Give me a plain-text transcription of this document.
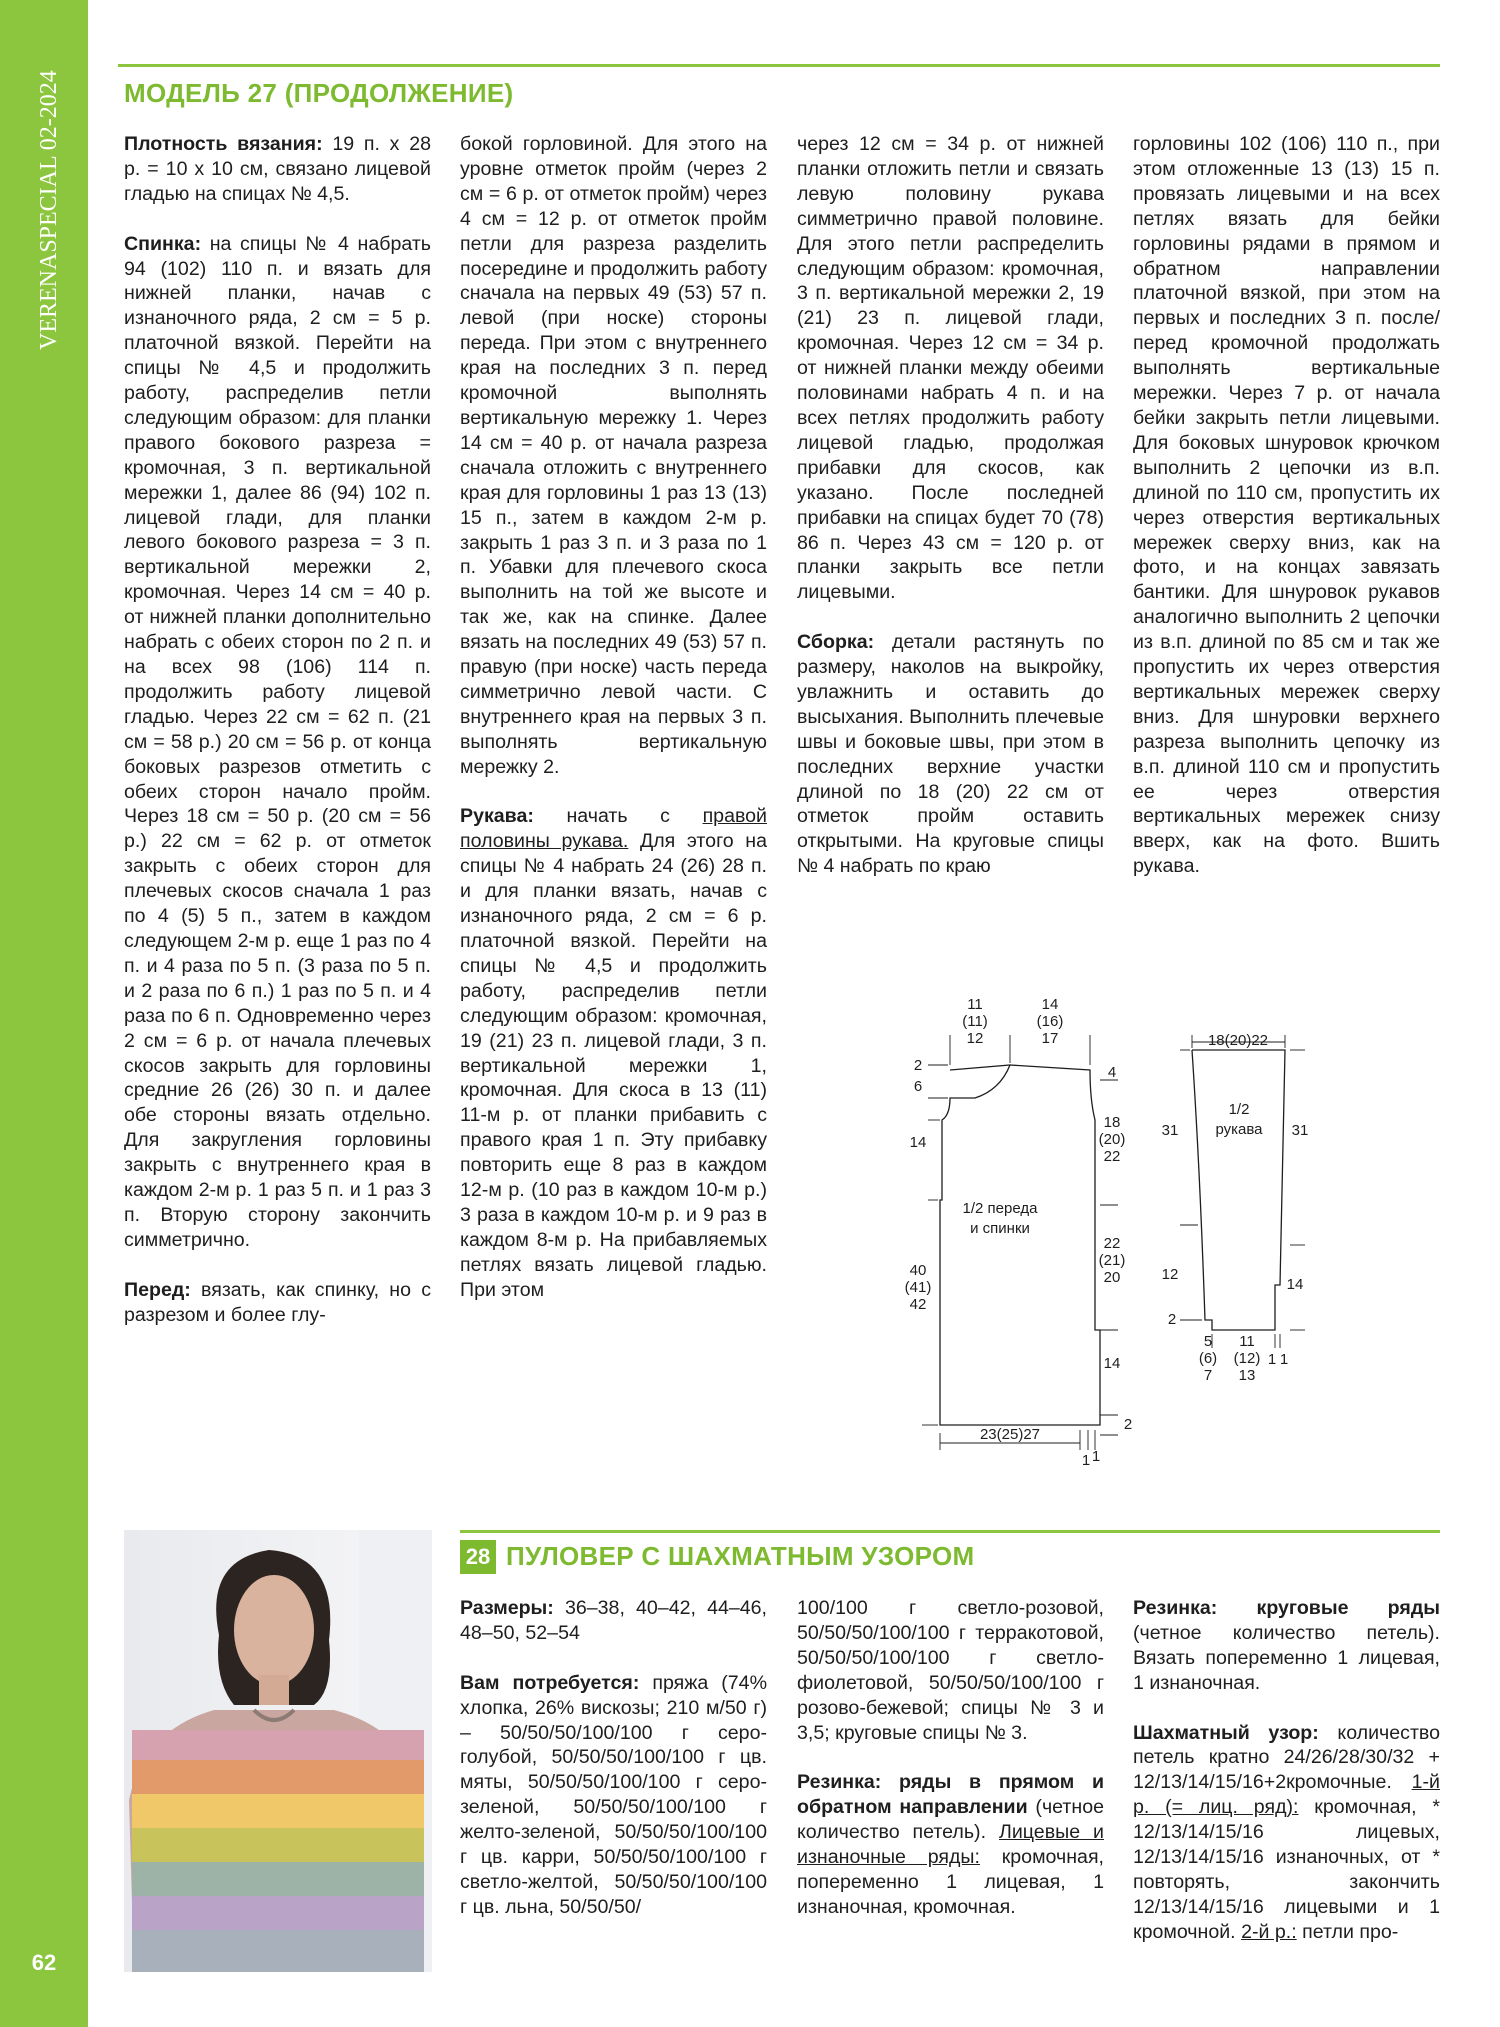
VERENASPECIAL 02-2024
62
МОДЕЛЬ 27 (ПРОДОЛЖЕНИЕ)

Плотность вязания: 19 п. х 28 р. = 10 х 10 см, связано лицевой гладью на спицах № 4,5.

Спинка: на спицы № 4 набрать 94 (102) 110 п. и вязать для нижней планки, начав с изнаночного ряда, 2 см = 5 р. платочной вязкой. Перейти на спицы № 4,5 и продолжить работу, распределив петли следующим образом: для планки правого бокового разреза = кромочная, 3 п. вертикальной мережки 1, далее 86 (94) 102 п. лицевой глади, для планки левого бокового разреза = 3 п. вертикальной мережки 2, кромочная. Через 14 см = 40 р. от нижней планки дополнительно набрать с обеих сторон по 2 п. и на всех 98 (106) 114 п. продолжить работу лицевой гладью. Через 22 см = 62 п. (21 см = 58 р.) 20 см = 56 р. от конца боковых разрезов отметить с обеих сторон начало пройм. Через 18 см = 50 р. (20 см = 56 р.) 22 см = 62 р. от отметок закрыть с обеих сторон для плечевых скосов сначала 1 раз по 4 (5) 5 п., затем в каждом следующем 2-м р. еще 1 раз по 4 п. и 4 раза по 5 п. (3 раза по 5 п. и 2 раза по 6 п.) 1 раз по 5 п. и 4 раза по 6 п. Одновременно через 2 см = 6 р. от начала плечевых скосов закрыть для горловины средние 26 (26) 30 п. и далее обе стороны вязать отдельно. Для закругления горловины закрыть с внутреннего края в каждом 2-м р. 1 раз 5 п. и 1 раз 3 п. Вторую сторону закончить симметрично.

Перед: вязать, как спинку, но с разрезом и более глу-

бокой горловиной. Для этого на уровне отметок пройм (через 2 см = 6 р. от отметок пройм) через 4 см = 12 р. от отметок пройм петли для разреза разделить посередине и продолжить работу сначала на первых 49 (53) 57 п. левой (при носке) стороны переда. При этом с внутреннего края на последних 3 п. перед кромочной выполнять вертикальную мережку 1. Через 14 см = 40 р. от начала разреза сначала отложить с внутреннего края для горловины 1 раз 13 (13) 15 п., затем в каждом 2-м р. закрыть 1 раз 3 п. и 3 раза по 1 п. Убавки для плечевого скоса выполнить на той же высоте и так же, как на спинке. Далее вязать на последних 49 (53) 57 п. правую (при носке) часть переда симметрично левой части. С внутреннего края на первых 3 п. выполнять вертикальную мережку 2.

Рукава: начать с правой половины рукава. Для этого на спицы № 4 набрать 24 (26) 28 п. и для планки вязать, начав с изнаночного ряда, 2 см = 6 р. платочной вязкой. Перейти на спицы № 4,5 и продолжить работу, распределив петли следующим образом: кромочная, 19 (21) 23 п. лицевой глади, 3 п. вертикальной мережки 1, кромочная. Для скоса в 13 (11) 11-м р. от планки прибавить с правого края 1 п. Эту прибавку повторить еще 8 раз в каждом 12-м р. (10 раз в каждом 10-м р.) 3 раза в каждом 10-м р. и 9 раз в каждом 8-м р. На прибавляемых петлях вязать лицевой гладью. При этом

через 12 см = 34 р. от нижней планки отложить петли и связать левую половину рукава симметрично правой половине. Для этого петли распределить следующим образом: кромочная, 3 п. вертикальной мережки 2, 19 (21) 23 п. лицевой глади, кромочная. Через 12 см = 34 р. от нижней планки между обеими половинами набрать 4 п. и на всех петлях продолжить работу лицевой гладью, продолжая прибавки для скосов, как указано. После последней прибавки на спицах будет 70 (78) 86 п. Через 43 см = 120 р. от планки закрыть все петли лицевыми.

Сборка: детали растянуть по размеру, наколов на выкройку, увлажнить и оставить до высыхания. Выполнить плечевые швы и боковые швы, при этом в последних верхние участки длиной по 18 (20) 22 см от отметок пройм оставить открытыми. На круговые спицы № 4 набрать по краю

горловины 102 (106) 110 п., при этом отложенные 13 (13) 15 п. провязать лицевыми и на всех петлях вязать для бейки горловины рядами в прямом и обратном направлении платочной вязкой, при этом на первых и последних 3 п. после/перед кромочной продолжать выполнять вертикальные мережки. Через 7 р. от начала бейки закрыть петли лицевыми. Для боковых шнуровок крючком выполнить 2 цепочки из в.п. длиной по 110 см, пропустить их через отверстия вертикальных мережек сверху вниз, как на фото, и на концах завязать бантики. Для шнуровок рукавов аналогично выполнить 2 цепочки из в.п. длиной по 85 см и так же пропустить их через отверстия вертикальных мережек сверху вниз. Для шнуровки верхнего разреза выполнить цепочку из в.п. длиной 110 см и пропустить ее через отверстия вертикальных мережек снизу вверх, как на фото. Вшить рукава.

1/2 переда
и спинки
11
(11)
12
14
(16)
17
2
6
14
40
(41)
42
4
18
(20)
22
22
(21)
20
14
2
23(25)27
1 1
18(20)22
1/2
рукава
31	31
12
14
2
5
(6)
7
11
(12)
13
1 1
28 ПУЛОВЕР С ШАХМАТНЫМ УЗОРОМ

Размеры: 36–38, 40–42, 44–46, 48–50, 52–54

Вам потребуется: пряжа (74% хлопка, 26% вискозы; 210 м/50 г) – 50/50/50/100/100 г серо-голубой, 50/50/50/100/100 г цв. мяты, 50/50/50/100/100 г серо-зеленой, 50/50/50/100/100 г желто-зеленой, 50/50/50/100/100 г цв. карри, 50/50/50/100/100 г светло-желтой, 50/50/50/100/100 г цв. льна, 50/50/50/

100/100 г светло-розовой, 50/50/50/100/100 г терракотовой, 50/50/50/100/100 г светло-фиолетовой, 50/50/50/100/100 г розово-бежевой; спицы № 3 и 3,5; круговые спицы № 3.

Резинка: ряды в прямом и обратном направлении (четное количество петель). Лицевые и изнаночные ряды: кромочная, попеременно 1 лицевая, 1 изнаночная, кромочная.

Резинка: круговые ряды (четное количество петель). Вязать попеременно 1 лицевая, 1 изнаночная.

Шахматный узор: количество петель кратно 24/26/28/30/32 + 12/13/14/15/16+2кромочные. 1-й р. (= лиц. ряд): кромочная, * 12/13/14/15/16 лицевых, 12/13/14/15/16 изнаночных, от * повторять, закончить 12/13/14/15/16 лицевыми и 1 кромочной. 2-й р.: петли про-
